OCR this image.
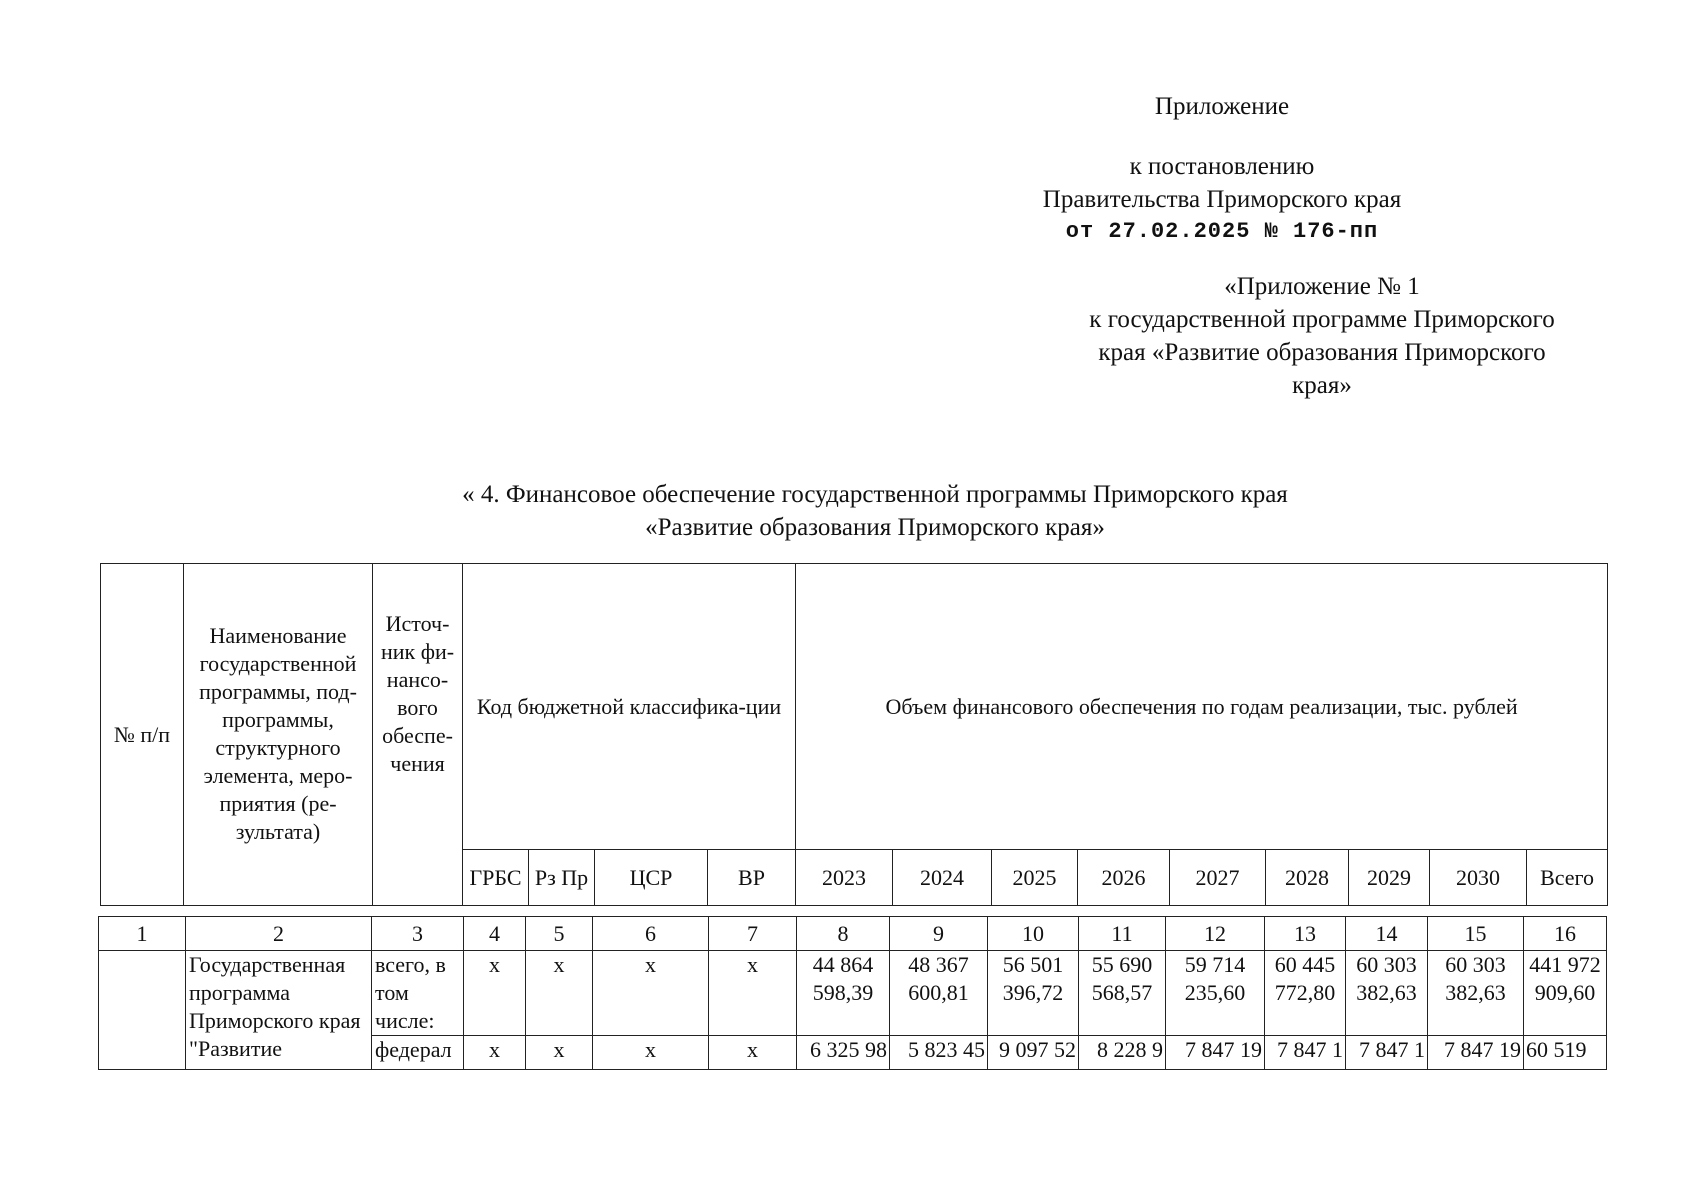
Приложение
к постановлению
Правительства Приморского края
от 27.02.2025 № 176-пп
«Приложение № 1
к государственной программе Приморского
края «Развитие образования Приморского
края»
« 4. Финансовое обеспечение государственной программы Приморского края
«Развитие образования Приморского края»
№ п/п	Наименование государственной программы, под-программы, структурного элемента, меро-приятия (ре-зультата)	Источ-ник фи-нансо-вого обеспе-чения	Код бюджетной классифика-ции				Объем финансового обеспечения по годам реализации, тыс. рублей								
			ГРБС	Рз Пр	ЦСР	ВР	2023	2024	2025	2026	2027	2028	2029	2030	Всего
1	2	3	4	5	6	7	8	9	10	11	12	13	14	15	16
	Государственная программа Приморского края "Развитие	всего, в том числе:	x	x	x	x	44 864 598,39	48 367 600,81	56 501 396,72	55 690 568,57	59 714 235,60	60 445 772,80	60 303 382,63	60 303 382,63	441 972 909,60
		федерал	x	x	x	x	6 325 98	5 823 45	9 097 52	8 228 9	7 847 19	7 847 1	7 847 1	7 847 19	60 519
